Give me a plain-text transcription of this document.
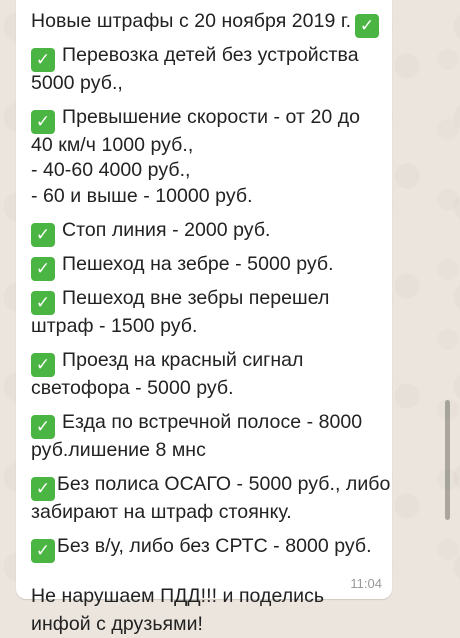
Новые штрафы с 20 ноября 2019 г. ✓
✓ Перевозка детей без устройства
5000 руб.,
✓ Превышение скорости - от 20 до
40 км/ч 1000 руб.,
- 40-60 4000 руб.,
- 60 и выше - 10000 руб.
✓ Стоп линия - 2000 руб.
✓ Пешеход на зебре - 5000 руб.
✓ Пешеход вне зебры перешел
штраф - 1500 руб.
✓ Проезд на красный сигнал
светофора - 5000 руб.
✓ Езда по встречной полосе - 8000
руб.лишение 8 мнс
✓ Без полиса ОСАГО - 5000 руб., либо
забирают на штраф стоянку.
✓ Без в/у, либо без СРТС - 8000 руб.
Не нарушаем ПДД!!! и поделись
инфой с друзьями!
11:04
